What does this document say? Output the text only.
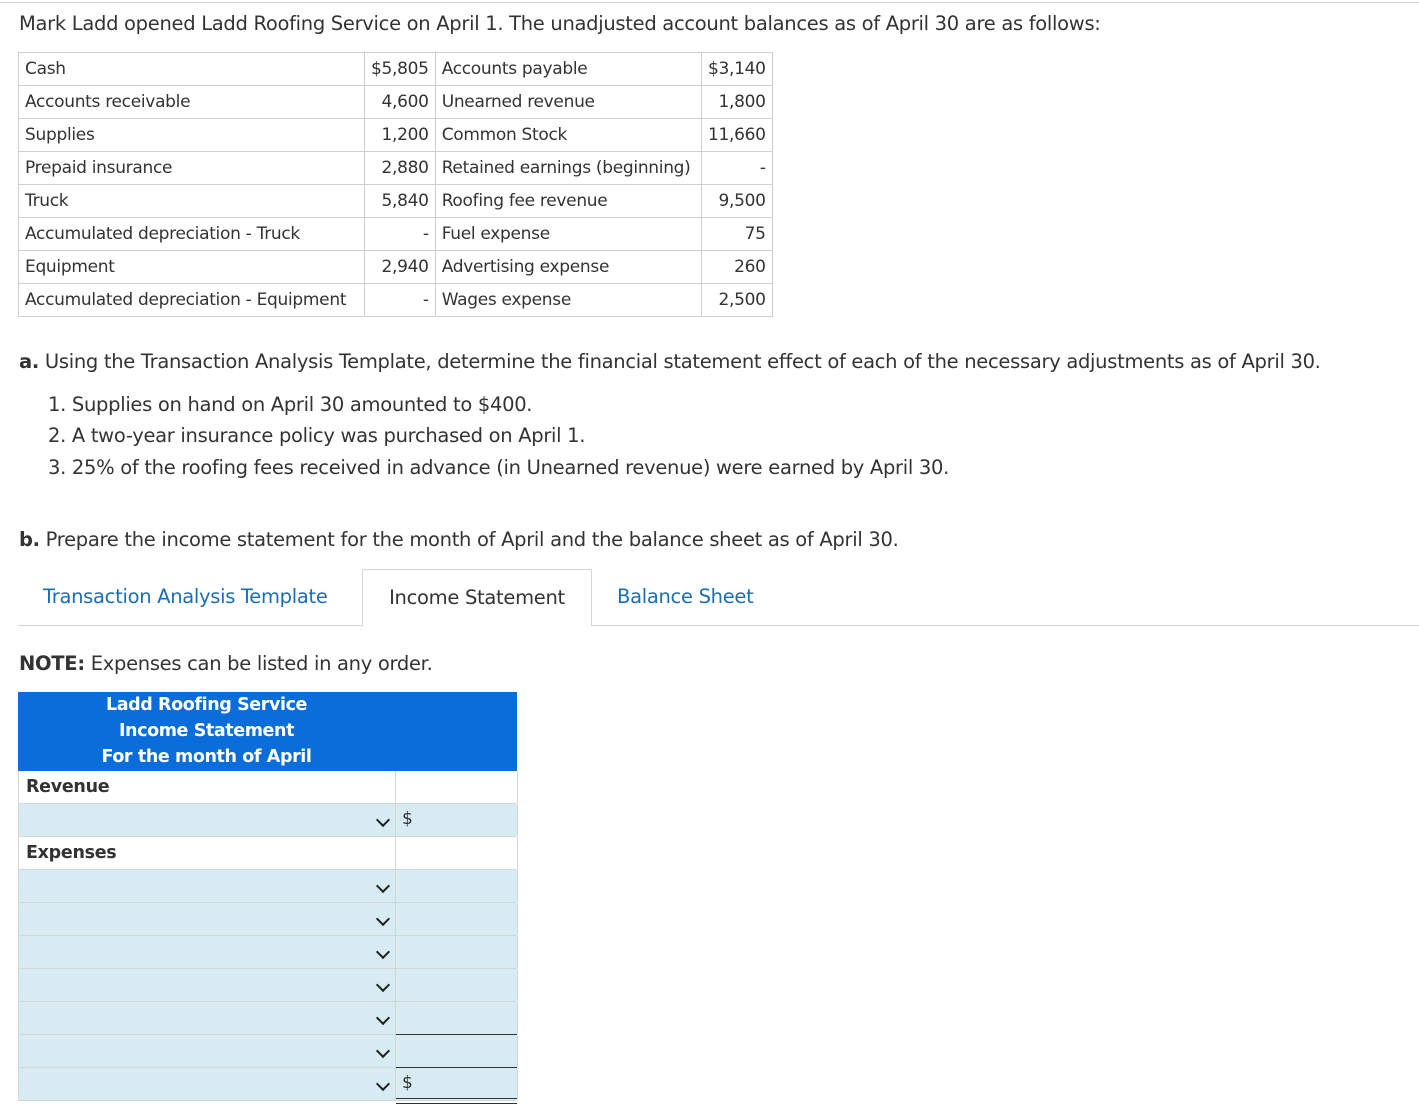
Mark Ladd opened Ladd Roofing Service on April 1. The unadjusted account balances as of April 30 are as follows:
Cash	$5,805	Accounts payable	$3,140
Accounts receivable	4,600	Unearned revenue	1,800
Supplies	1,200	Common Stock	11,660
Prepaid insurance	2,880	Retained earnings (beginning)	-
Truck	5,840	Roofing fee revenue	9,500
Accumulated depreciation - Truck	-	Fuel expense	75
Equipment	2,940	Advertising expense	260
Accumulated depreciation - Equipment	-	Wages expense	2,500
a. Using the Transaction Analysis Template, determine the financial statement effect of each of the necessary adjustments as of April 30.
1. Supplies on hand on April 30 amounted to $400.
2. A two-year insurance policy was purchased on April 1.
3. 25% of the roofing fees received in advance (in Unearned revenue) were earned by April 30.
b. Prepare the income statement for the month of April and the balance sheet as of April 30.
Transaction Analysis Template	Income Statement	Balance Sheet
NOTE: Expenses can be listed in any order.
Ladd Roofing Service
Income Statement
For the month of April
Revenue
$
Expenses
$
